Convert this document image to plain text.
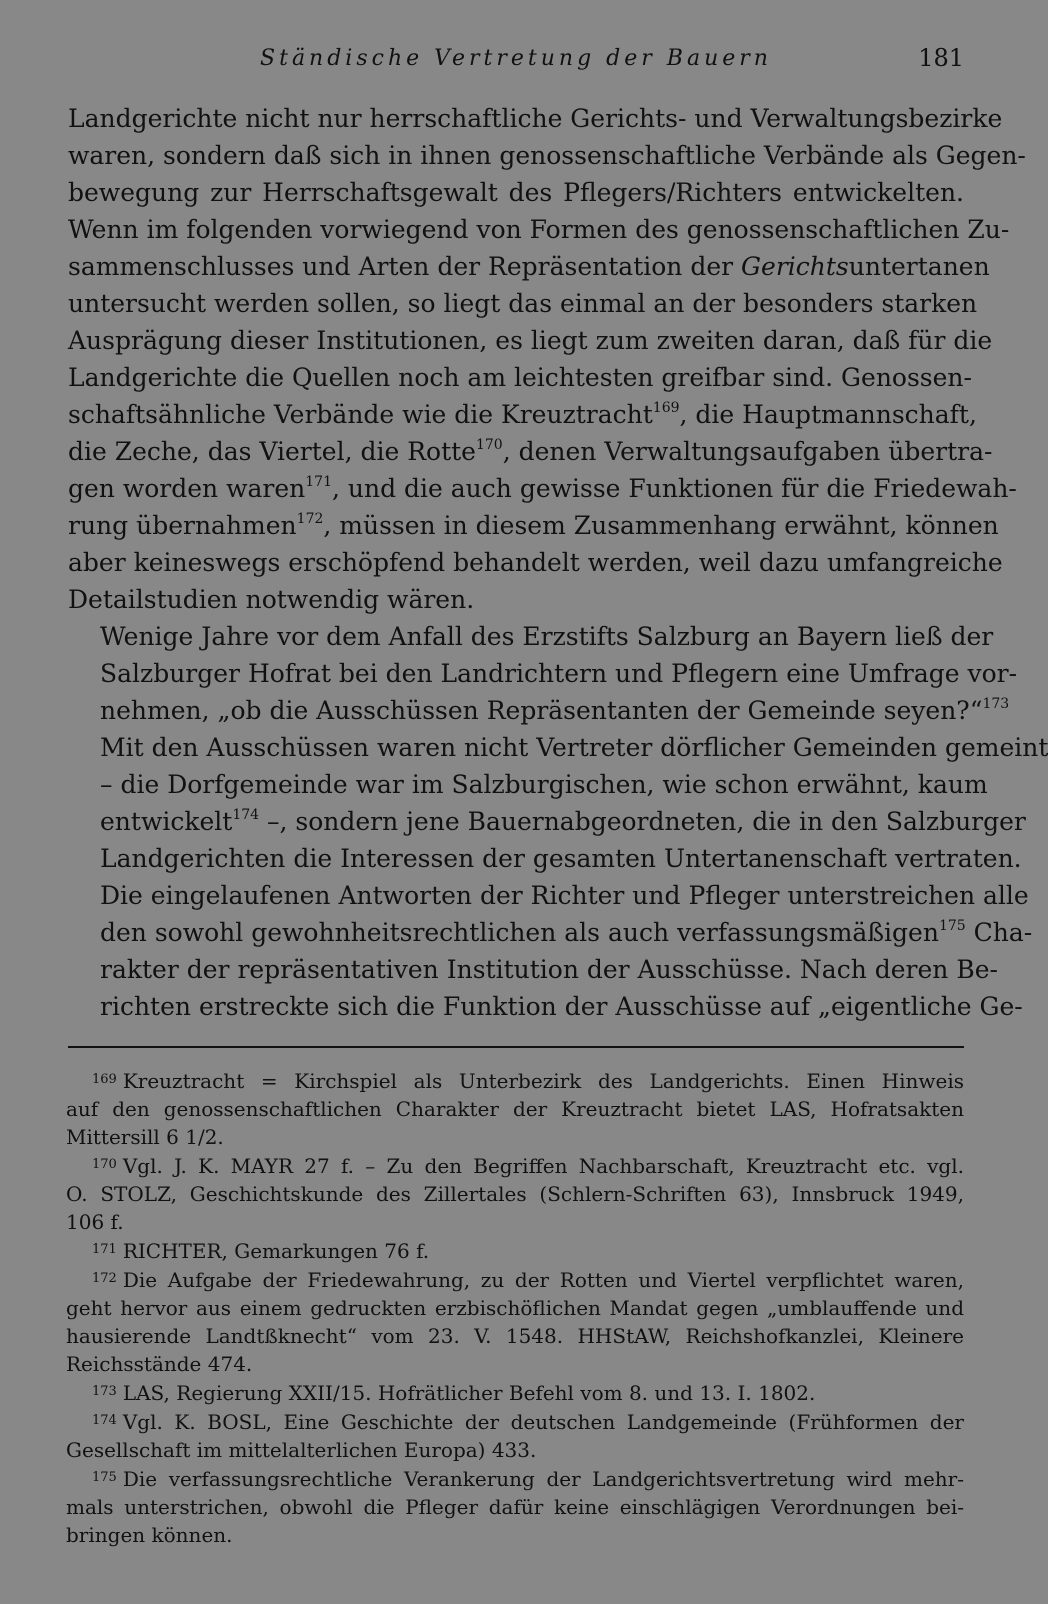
Ständische Vertretung der Bauern	181

Landgerichte nicht nur herrschaftliche Gerichts- und Verwaltungsbezirke
waren, sondern daß sich in ihnen genossenschaftliche Verbände als Gegen-
bewegung zur Herrschaftsgewalt des Pflegers/Richters entwickelten.
Wenn im folgenden vorwiegend von Formen des genossenschaftlichen Zu-
sammenschlusses und Arten der Repräsentation der Gerichtsuntertanen
untersucht werden sollen, so liegt das einmal an der besonders starken
Ausprägung dieser Institutionen, es liegt zum zweiten daran, daß für die
Landgerichte die Quellen noch am leichtesten greifbar sind. Genossen-
schaftsähnliche Verbände wie die Kreuztracht$^{169}$, die Hauptmannschaft,
die Zeche, das Viertel, die Rotte$^{170}$, denen Verwaltungsaufgaben übertra-
gen worden waren$^{171}$, und die auch gewisse Funktionen für die Friedewah-
rung übernahmen$^{172}$, müssen in diesem Zusammenhang erwähnt, können
aber keineswegs erschöpfend behandelt werden, weil dazu umfangreiche
Detailstudien notwendig wären.

Wenige Jahre vor dem Anfall des Erzstifts Salzburg an Bayern ließ der
Salzburger Hofrat bei den Landrichtern und Pflegern eine Umfrage vor-
nehmen, „ob die Ausschüssen Repräsentanten der Gemeinde seyen?“$^{173}$
Mit den Ausschüssen waren nicht Vertreter dörflicher Gemeinden gemeint
– die Dorfgemeinde war im Salzburgischen, wie schon erwähnt, kaum
entwickelt$^{174}$ –, sondern jene Bauernabgeordneten, die in den Salzburger
Landgerichten die Interessen der gesamten Untertanenschaft vertraten.
Die eingelaufenen Antworten der Richter und Pfleger unterstreichen alle
den sowohl gewohnheitsrechtlichen als auch verfassungsmäßigen$^{175}$ Cha-
rakter der repräsentativen Institution der Ausschüsse. Nach deren Be-
richten erstreckte sich die Funktion der Ausschüsse auf „eigentliche Ge-

$^{169}$ Kreuztracht = Kirchspiel als Unterbezirk des Landgerichts. Einen Hinweis
auf den genossenschaftlichen Charakter der Kreuztracht bietet LAS, Hofratsakten
Mittersill 6 1/2.
$^{170}$ Vgl. J. K. MAYR 27 f. – Zu den Begriffen Nachbarschaft, Kreuztracht etc. vgl.
O. STOLZ, Geschichtskunde des Zillertales (Schlern-Schriften 63), Innsbruck 1949,
106 f.
$^{171}$ RICHTER, Gemarkungen 76 f.
$^{172}$ Die Aufgabe der Friedewahrung, zu der Rotten und Viertel verpflichtet waren,
geht hervor aus einem gedruckten erzbischöflichen Mandat gegen „umblauffende und
hausierende Landtßknecht“ vom 23. V. 1548. HHStAW, Reichshofkanzlei, Kleinere
Reichsstände 474.
$^{173}$ LAS, Regierung XXII/15. Hofrätlicher Befehl vom 8. und 13. I. 1802.
$^{174}$ Vgl. K. BOSL, Eine Geschichte der deutschen Landgemeinde (Frühformen der
Gesellschaft im mittelalterlichen Europa) 433.
$^{175}$ Die verfassungsrechtliche Verankerung der Landgerichtsvertretung wird mehr-
mals unterstrichen, obwohl die Pfleger dafür keine einschlägigen Verordnungen bei-
bringen können.
